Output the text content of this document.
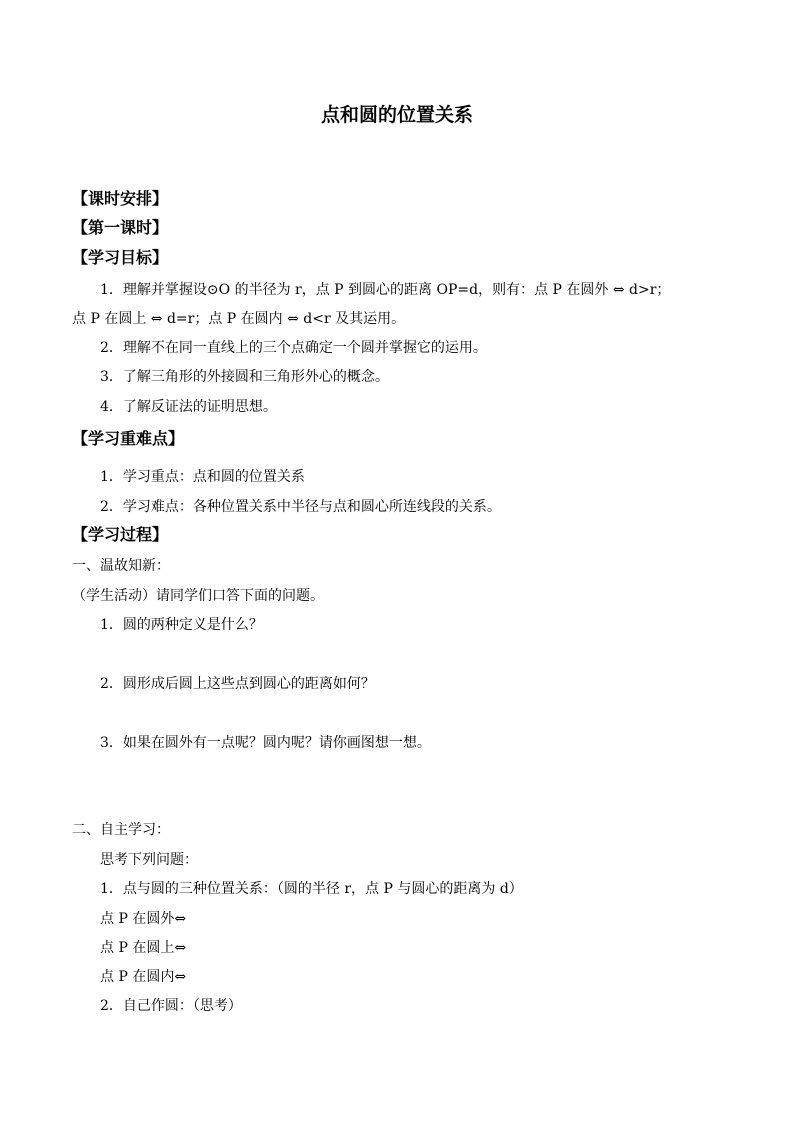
点和圆的位置关系
【课时安排】
【第一课时】
【学习目标】
1．理解并掌握设⊙O 的半径为 r，点 P 到圆心的距离 OP=d，则有：点 P 在圆外 ⇔ d>r；
点 P 在圆上 ⇔ d=r；点 P 在圆内 ⇔ d<r 及其运用。
2．理解不在同一直线上的三个点确定一个圆并掌握它的运用。
3．了解三角形的外接圆和三角形外心的概念。
4．了解反证法的证明思想。
【学习重难点】
1．学习重点：点和圆的位置关系
2．学习难点：各种位置关系中半径与点和圆心所连线段的关系。
【学习过程】
一、温故知新：
（学生活动）请同学们口答下面的问题。
1．圆的两种定义是什么？
2．圆形成后圆上这些点到圆心的距离如何？
3．如果在圆外有一点呢？圆内呢？请你画图想一想。
二、自主学习：
思考下列问题：
1．点与圆的三种位置关系：（圆的半径 r，点 P 与圆心的距离为 d）
点 P 在圆外⇔
点 P 在圆上⇔
点 P 在圆内⇔
2．自己作圆：（思考）
